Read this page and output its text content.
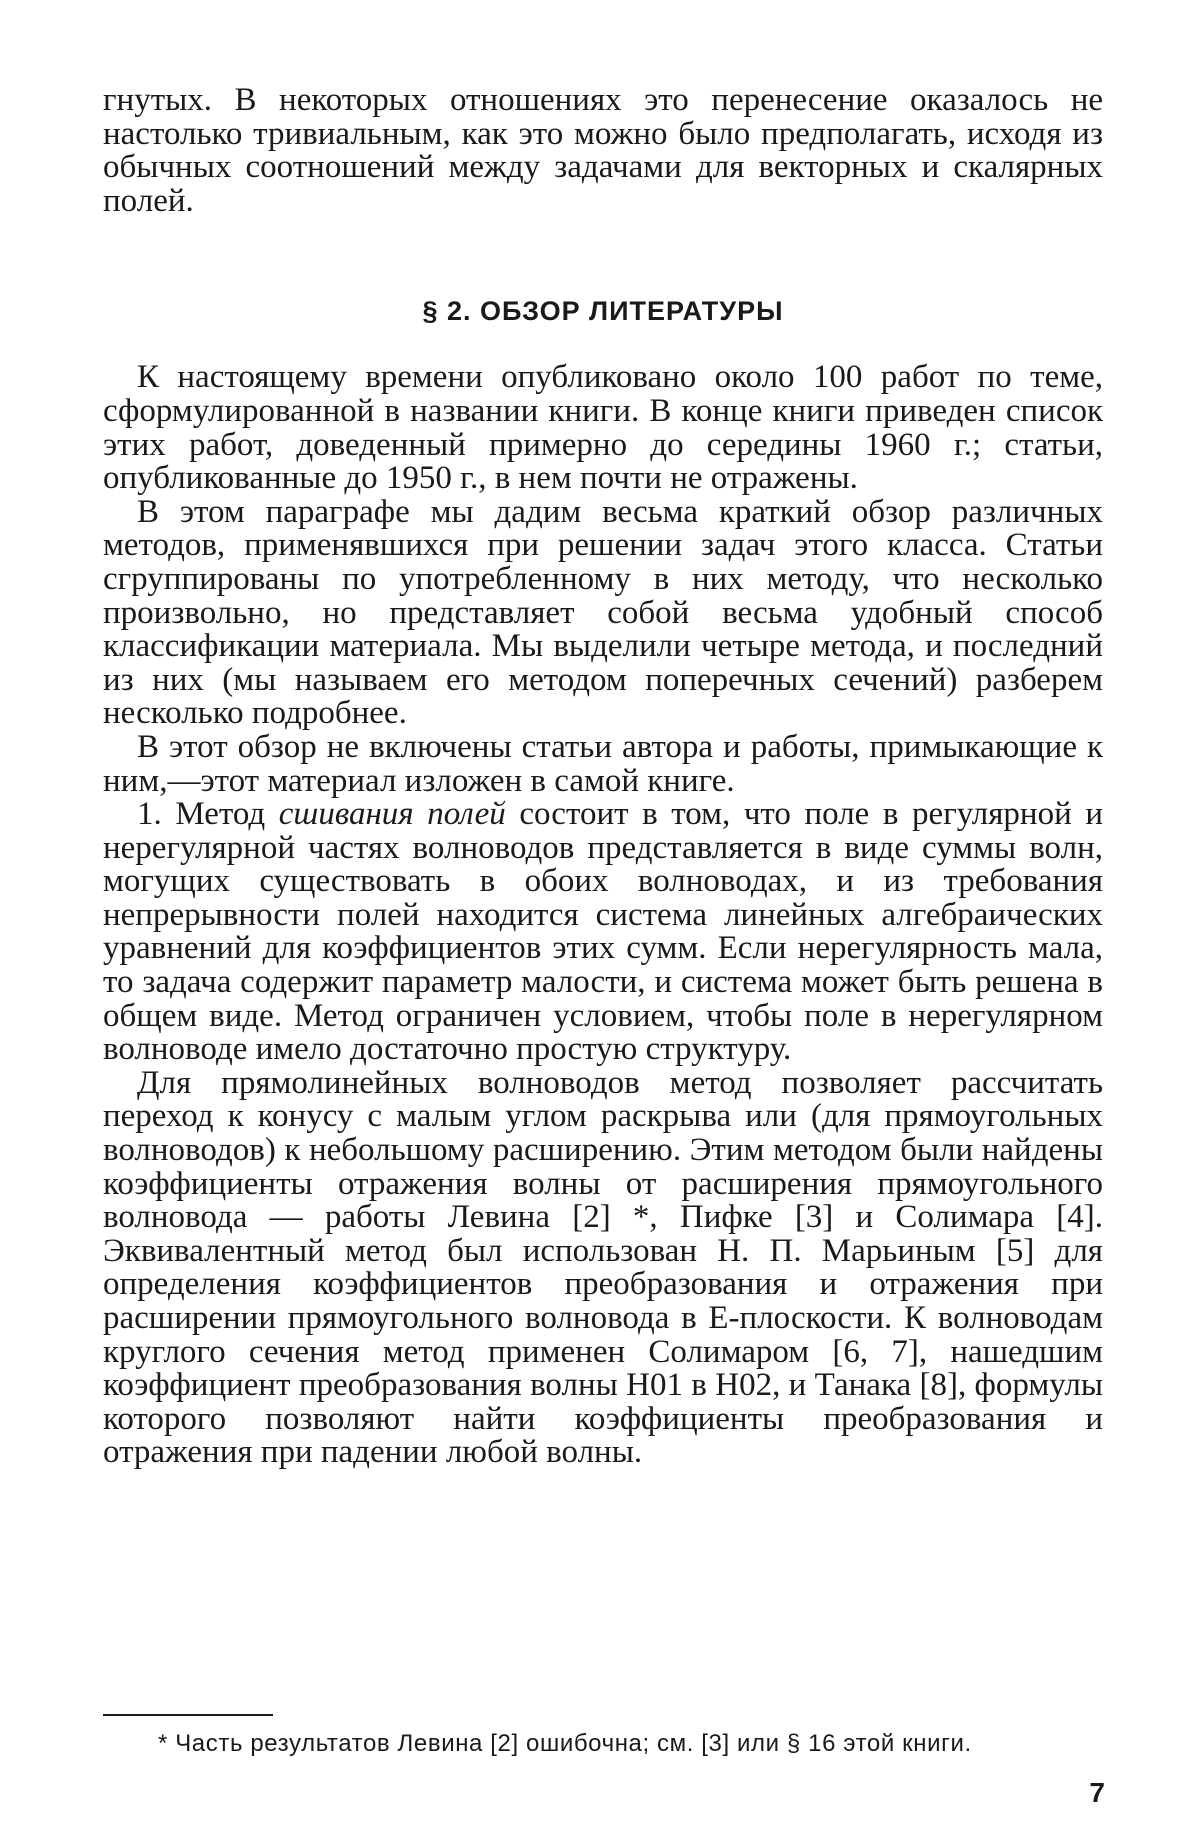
гнутых. В некоторых отношениях это перенесение оказалось не настолько тривиальным, как это можно было предполагать, исходя из обычных соотношений между задачами для векторных и скалярных полей.

§ 2. ОБЗОР ЛИТЕРАТУРЫ

К настоящему времени опубликовано около 100 работ по теме, сформулированной в названии книги. В конце книги приведен список этих работ, доведенный примерно до середины 1960 г.; статьи, опубликованные до 1950 г., в нем почти не отражены.

В этом параграфе мы дадим весьма краткий обзор различных методов, применявшихся при решении задач этого класса. Статьи сгруппированы по употребленному в них методу, что несколько произвольно, но представляет собой весьма удобный способ классификации материала. Мы выделили четыре метода, и последний из них (мы называем его методом поперечных сечений) разберем несколько подробнее.

В этот обзор не включены статьи автора и работы, примыкающие к ним,—этот материал изложен в самой книге.

1. Метод сшивания полей состоит в том, что поле в регулярной и нерегулярной частях волноводов представляется в виде суммы волн, могущих существовать в обоих волноводах, и из требования непрерывности полей находится система линейных алгебраических уравнений для коэффициентов этих сумм. Если нерегулярность мала, то задача содержит параметр малости, и система может быть решена в общем виде. Метод ограничен условием, чтобы поле в нерегулярном волноводе имело достаточно простую структуру.

Для прямолинейных волноводов метод позволяет рассчитать переход к конусу с малым углом раскрыва или (для прямоугольных волноводов) к небольшому расширению. Этим методом были найдены коэффициенты отражения волны от расширения прямоугольного волновода — работы Левина [2] *, Пифке [3] и Солимара [4]. Эквивалентный метод был использован Н. П. Марьиным [5] для определения коэффициентов преобразования и отражения при расширении прямоугольного волновода в E-плоскости. К волноводам круглого сечения метод применен Солимаром [6, 7], нашедшим коэффициент преобразования волны H01 в H02, и Танака [8], формулы которого позволяют найти коэффициенты преобразования и отражения при падении любой волны.

* Часть результатов Левина [2] ошибочна; см. [3] или § 16 этой книги.
7
